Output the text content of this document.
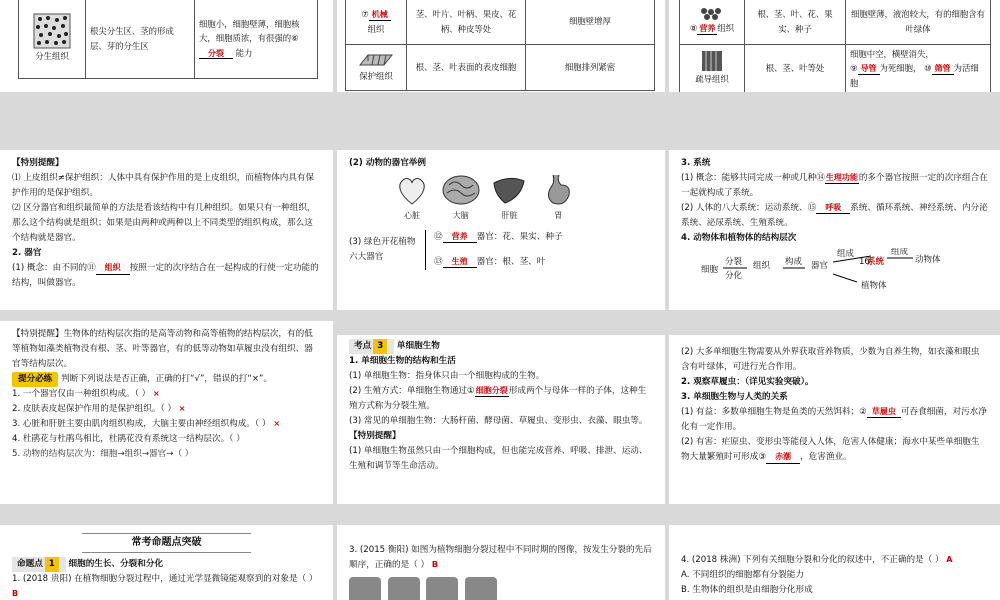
分生组织
	根尖分生区、茎的形成层、芽的分生区	细胞小，细胞壁薄，细胞核大，细胞质浓，有很强的⑥ 分裂 能力
⑦ 机械
组织	茎、叶片、叶柄、果皮、花柄、种皮等处	细胞壁增厚

保护组织	根、茎、叶表面的表皮细胞	细胞排列紧密
⑧ 营养 组织	根、茎、叶、花、果实、种子	细胞壁薄，液泡较大，有的细胞含有叶绿体

疏导组织	根、茎、叶等处	细胞中空，横壁消失，
⑨ 导管 为死细胞， ⑩ 筛管 为活细胞
【特别提醒】
⑴ 上皮组织≠保护组织：人体中具有保护作用的是上皮组织，而植物体内具有保护作用的是保护组织。
⑵ 区分器官和组织最简单的方法是看该结构中有几种组织。如果只有一种组织，那么这个结构就是组织；如果是由两种或两种以上不同类型的组织构成，那么这个结构就是器官。
2. 器官
(1) 概念：由不同的⑪ 组织 按照一定的次序结合在一起构成的行使一定功能的结构，叫做器官。
(2) 动物的器官举例
心脏	大脑	肝脏	胃
(3) 绿色开花植物六大器官
⑫ 营养 器官：花、果实、种子
⑬ 生殖 器官：根、茎、叶
3. 系统
(1) 概念：能够共同完成一种或几种⑭生理功能的多个器官按照一定的次序组合在一起就构成了系统。
(2) 人体的八大系统：运动系统、⑮ 呼吸 系统、循环系统、神经系统、内分泌系统、泌尿系统、生殖系统。
4. 动物体和植物体的结构层次
细胞
分裂
分化
组织 构成 器官
组成
16
系统
组成
动物体
植物体
【特别提醒】生物体的结构层次指的是高等动物和高等植物的结构层次，有的低等植物如藻类植物没有根、茎、叶等器官，有的低等动物如草履虫没有组织、器官等结构层次。
提分必练 判断下列说法是否正确，正确的打“√”，错误的打“×”。
1. 一个器官仅由一种组织构成。（ ） ×
2. 皮肤表皮起保护作用的是保护组织。（ ） ×
3. 心脏和肝脏主要由肌肉组织构成，大脑主要由神经组织构成。（ ） ×
4. 杜鹃花与杜鹃鸟相比，杜鹃花没有系统这一结构层次。（ ）
5. 动物的结构层次为：细胞→组织→器官→（ ）
考点 3 单细胞生物
1. 单细胞生物的结构和生活
(1) 单细胞生物：指身体只由一个细胞构成的生物。
(2) 生殖方式：单细胞生物通过①细胞分裂形成两个与母体一样的子体，这种生殖方式称为分裂生殖。
(3) 常见的单细胞生物：大肠杆菌、酵母菌、草履虫、变形虫、衣藻、眼虫等。
【特别提醒】
(1) 单细胞生物虽然只由一个细胞构成，但也能完成营养、呼吸、排泄、运动、生殖和调节等生命活动。
(2) 大多单细胞生物需要从外界获取营养物质，少数为自养生物，如衣藻和眼虫含有叶绿体，可进行光合作用。
2. 观察草履虫：（详见实验突破）。
3. 单细胞生物与人类的关系
(1) 有益：多数单细胞生物是鱼类的天然饵料；② 草履虫 可吞食细菌，对污水净化有一定作用。
(2) 有害：疟原虫、变形虫等能侵入人体，危害人体健康；海水中某些单细胞生物大量繁殖时可形成③ 赤潮 ，危害渔业。
常考命题点突破
命题点 1 细胞的生长、分裂和分化
1. (2018 贵阳) 在植物细胞分裂过程中，通过光学显微镜能观察到的对象是（ ） B
3. (2015 衡阳) 如图为植物细胞分裂过程中不同时期的图像，按发生分裂的先后顺序，正确的是（ ） B
	4. (2018 株洲) 下列有关细胞分裂和分化的叙述中，不正确的是（ ） A
A. 不同组织的细胞都有分裂能力
B. 生物体的组织是由细胞分化形成
